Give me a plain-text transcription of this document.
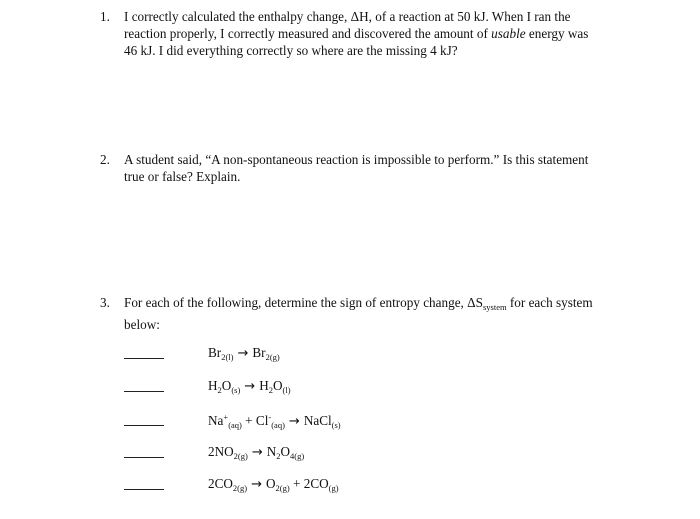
1. I correctly calculated the enthalpy change, ΔH, of a reaction at 50 kJ. When I ran the
reaction properly, I correctly measured and discovered the amount of usable energy was
46 kJ. I did everything correctly so where are the missing 4 kJ?
2. A student said, “A non-spontaneous reaction is impossible to perform.” Is this statement
true or false? Explain.
3. For each of the following, determine the sign of entropy change, $\Delta S_{system}$ for each system
below:
$Br_{2(l)} \to Br_{2(g)}$
$H_2O_{(s)} \to H_2O_{(l)}$
$Na^+_{(aq)} + Cl^-_{(aq)}$ → NaCl$_{(s)}$
$2NO_{2(g)} \to N_2O_{4(g)}$
$2CO_{2(g)} \to O_{2(g)} + 2CO_{(g)}$
